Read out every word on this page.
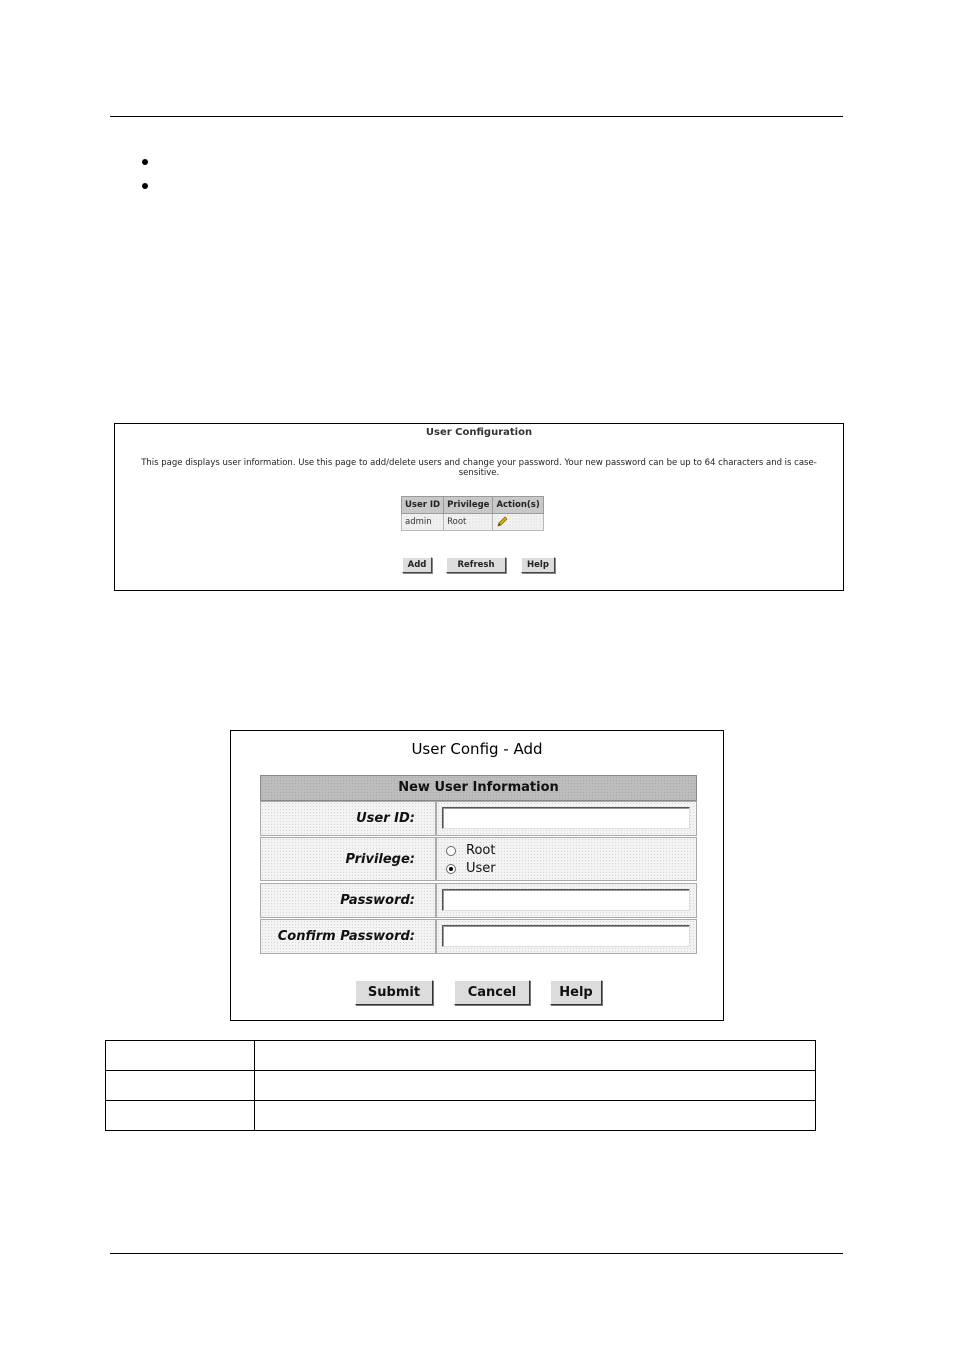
User Configuration
This page displays user information. Use this page to add/delete users and change your password. Your new password can be up to 64 characters and is case-sensitive.
User ID	Privilege	Action(s)
admin	Root	
Add	Refresh	Help
User Config - Add
New User Information
User ID:
Privilege:
Root
User
Password:
Confirm Password:
Submit	Cancel	Help
